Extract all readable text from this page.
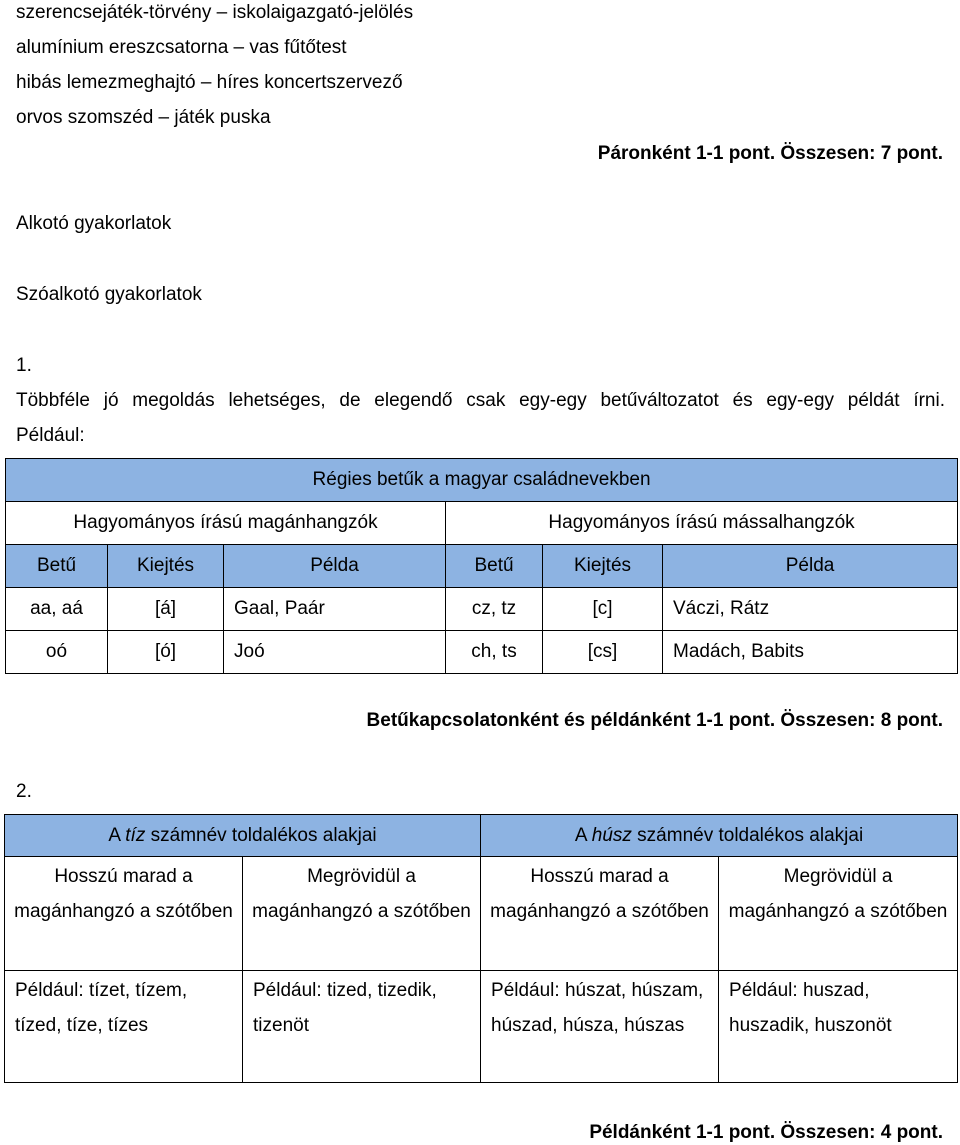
szerencsejáték-törvény – iskolaigazgató-jelölés
alumínium ereszcsatorna – vas fűtőtest
hibás lemezmeghajtó – híres koncertszervező
orvos szomszéd – játék puska
Páronként 1-1 pont. Összesen: 7 pont.
Alkotó gyakorlatok
Szóalkotó gyakorlatok
1.
Többféle jó megoldás lehetséges, de elegendő csak egy-egy betűváltozatot és egy-egy példát írni.
Például:
Régies betűk a magyar családnevekben					
Hagyományos írású magánhangzók			Hagyományos írású mássalhangzók		
Betű	Kiejtés	Példa	Betű	Kiejtés	Példa
aa, aá	[á]	Gaal, Paár	cz, tz	[c]	Váczi, Rátz
oó	[ó]	Joó	ch, ts	[cs]	Madách, Babits
Betűkapcsolatonként és példánként 1-1 pont. Összesen: 8 pont.
2.
A tíz számnév toldalékos alakjai		A húsz számnév toldalékos alakjai	
Hosszú marad a magánhangzó a szótőben	Megrövidül a magánhangzó a szótőben	Hosszú marad a magánhangzó a szótőben	Megrövidül a magánhangzó a szótőben
Például: tízet, tízem, tízed, tíze, tízes	Például: tized, tizedik, tizenöt	Például: húszat, húszam, húszad, húsza, húszas	Például: huszad, huszadik, huszonöt
Példánként 1-1 pont. Összesen: 4 pont.
